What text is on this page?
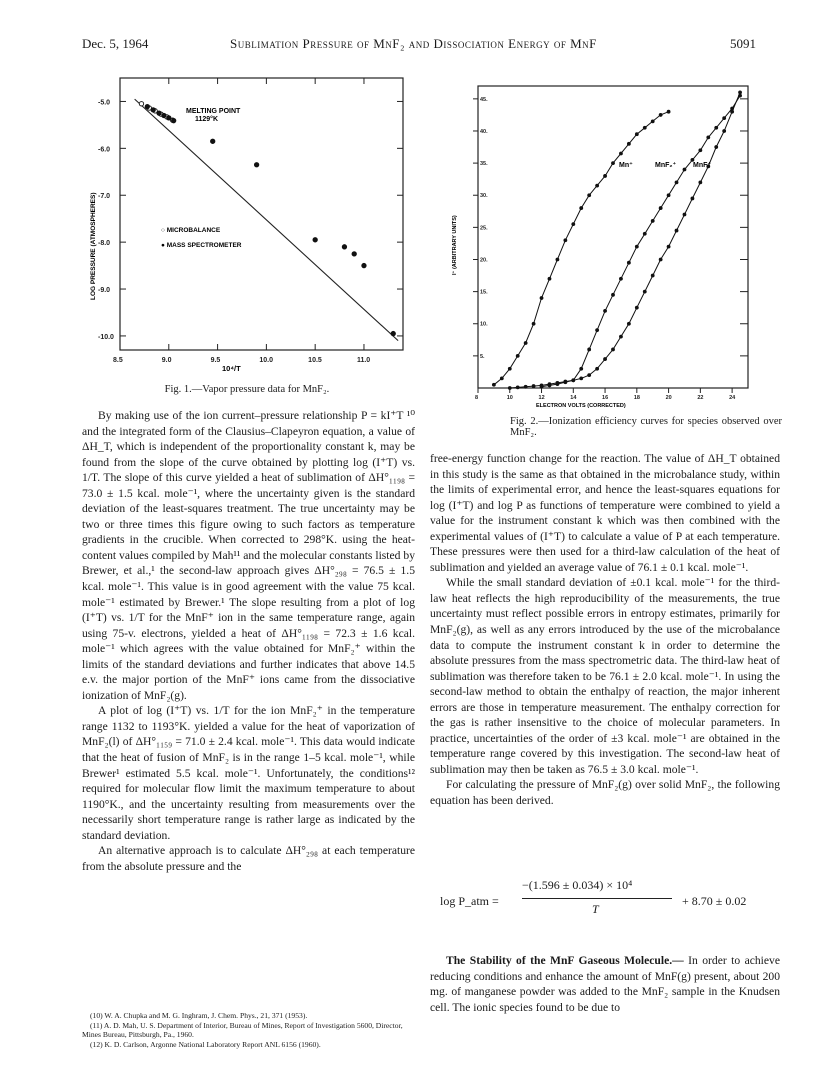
Dec. 5, 1964	Sublimation Pressure of MnF₂ and Dissociation Energy of MnF	5091
8.5	9.0	9.5	10.0	10.5	11.0
-5.0
-6.0
-7.0
-8.0
-9.0
-10.0
MELTING POINT
1129°K
○ MICROBALANCE
● MASS SPECTROMETER
LOG PRESSURE (ATMOSPHERES)
10⁴/T
Fig. 1.—Vapor pressure data for MnF₂.
8	10	12	14	16	18	20	22	24
5.
10.
15.
20.
25.
30.
35.
40.
45.
Mn⁺	MnF₂⁺ MnF⁺
I⁺ (ARBITRARY UNITS)
ELECTRON VOLTS (CORRECTED)
Fig. 2.—Ionization efficiency curves for species observed over MnF₂.

By making use of the ion current–pressure relationship P = kI⁺T ¹⁰ and the integrated form of the Clausius–Clapeyron equation, a value of ΔH_T, which is independent of the proportionality constant k, may be found from the slope of the curve obtained by plotting log (I⁺T) vs. 1/T. The slope of this curve yielded a heat of sublimation of ΔH°₁₁₉₈ = 73.0 ± 1.5 kcal. mole⁻¹, where the uncertainty given is the standard deviation of the least-squares treatment. The true uncertainty may be two or three times this figure owing to such factors as temperature gradients in the crucible. When corrected to 298°K. using the heat-content values compiled by Mah¹¹ and the molecular constants listed by Brewer, et al.,¹ the second-law approach gives ΔH°₂₉₈ = 76.5 ± 1.5 kcal. mole⁻¹. This value is in good agreement with the value 75 kcal. mole⁻¹ estimated by Brewer.¹ The slope resulting from a plot of log (I⁺T) vs. 1/T for the MnF⁺ ion in the same temperature range, again using 75-v. electrons, yielded a heat of ΔH°₁₁₉₈ = 72.3 ± 1.6 kcal. mole⁻¹ which agrees with the value obtained for MnF₂⁺ within the limits of the standard deviations and further indicates that above 14.5 e.v. the major portion of the MnF⁺ ions came from the dissociative ionization of MnF₂(g).

A plot of log (I⁺T) vs. 1/T for the ion MnF₂⁺ in the temperature range 1132 to 1193°K. yielded a value for the heat of vaporization of MnF₂(l) of ΔH°₁₁₅₉ = 71.0 ± 2.4 kcal. mole⁻¹. This data would indicate that the heat of fusion of MnF₂ is in the range 1–5 kcal. mole⁻¹, while Brewer¹ estimated 5.5 kcal. mole⁻¹. Unfortunately, the conditions¹² required for molecular flow limit the maximum temperature to about 1190°K., and the uncertainty resulting from measurements over the necessarily short temperature range is rather large as indicated by the standard deviation.

An alternative approach is to calculate ΔH°₂₉₈ at each temperature from the absolute pressure and the

(10) W. A. Chupka and M. G. Inghram, J. Chem. Phys., 21, 371 (1953).
(11) A. D. Mah, U. S. Department of Interior, Bureau of Mines, Report of Investigation 5600, Director, Mines Bureau, Pittsburgh, Pa., 1960.
(12) K. D. Carlson, Argonne National Laboratory Report ANL 6156 (1960).

free-energy function change for the reaction. The value of ΔH_T obtained in this study is the same as that obtained in the microbalance study, within the limits of experimental error, and hence the least-squares equations for log (I⁺T) and log P as functions of temperature were combined to yield a value for the instrument constant k which was then combined with the experimental values of (I⁺T) to calculate a value of P at each temperature. These pressures were then used for a third-law calculation of the heat of sublimation and yielded an average value of 76.1 ± 0.1 kcal. mole⁻¹.

While the small standard deviation of ±0.1 kcal. mole⁻¹ for the third-law heat reflects the high reproducibility of the measurements, the true uncertainty must reflect possible errors in entropy estimates, primarily for MnF₂(g), as well as any errors introduced by the use of the microbalance data to compute the instrument constant k in order to determine the absolute pressures from the mass spectrometric data. The third-law heat of sublimation was therefore taken to be 76.1 ± 2.0 kcal. mole⁻¹. In using the second-law method to obtain the enthalpy of reaction, the major inherent errors are those in temperature measurement. The enthalpy correction for the gas is rather insensitive to the choice of molecular parameters. In practice, uncertainties of the order of ±3 kcal. mole⁻¹ are obtained in the temperature range covered by this investigation. The second-law heat of sublimation may then be taken as 76.5 ± 3.0 kcal. mole⁻¹.

For calculating the pressure of MnF₂(g) over solid MnF₂, the following equation has been derived.

log P_atm =
−(1.596 ± 0.034) × 10⁴
T
+ 8.70 ± 0.02

The Stability of the MnF Gaseous Molecule.— In order to achieve reducing conditions and enhance the amount of MnF(g) present, about 200 mg. of manganese powder was added to the MnF₂ sample in the Knudsen cell. The ionic species found to be due to
